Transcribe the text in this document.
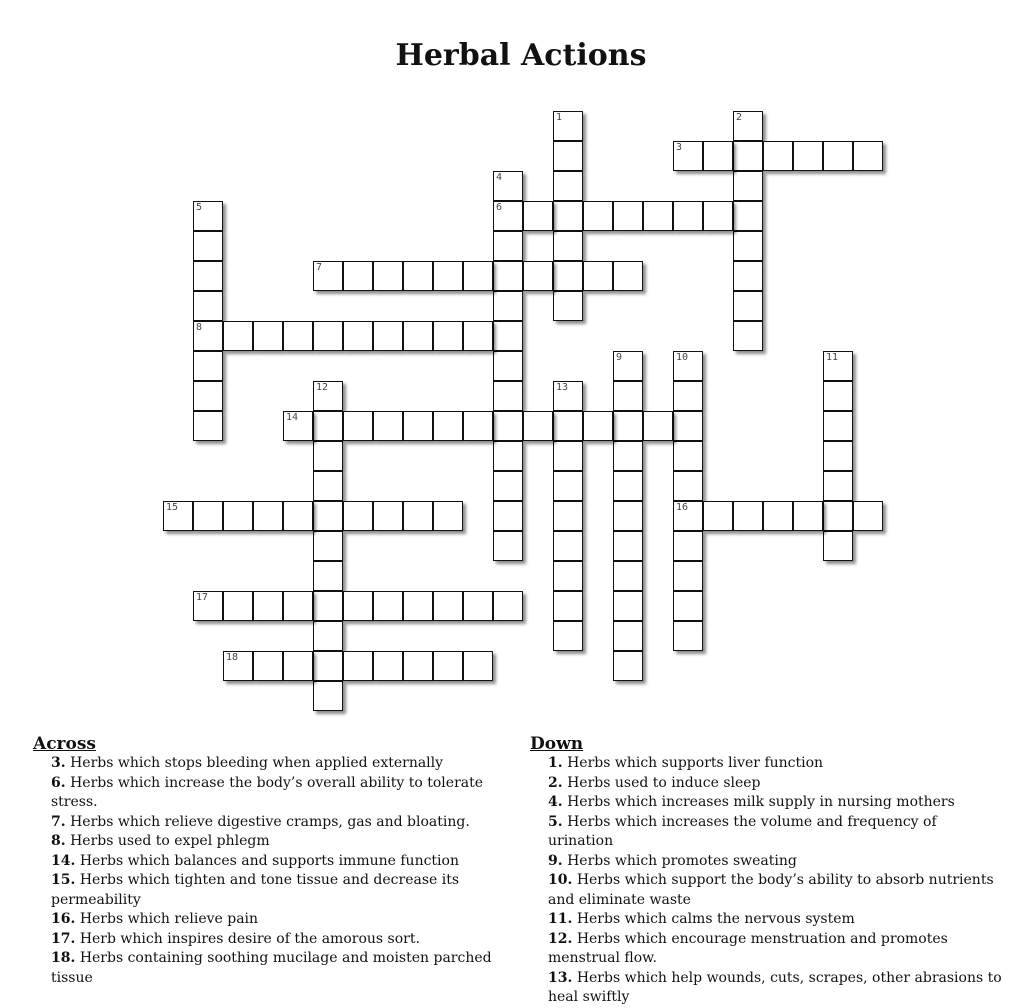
Herbal Actions
1	2
3
4
6
5
8
7
9	10
16
11
12	13
14
15
17
18
Across
3. Herbs which stops bleeding when applied externally
6. Herbs which increase the body’s overall ability to tolerate stress.
7. Herbs which relieve digestive cramps, gas and bloating.
8. Herbs used to expel phlegm
14. Herbs which balances and supports immune function
15. Herbs which tighten and tone tissue and decrease its permeability
16. Herbs which relieve pain
17. Herb which inspires desire of the amorous sort.
18. Herbs containing soothing mucilage and moisten parched tissue
Down
1. Herbs which supports liver function
2. Herbs used to induce sleep
4. Herbs which increases milk supply in nursing mothers
5. Herbs which increases the volume and frequency of urination
9. Herbs which promotes sweating
10. Herbs which support the body’s ability to absorb nutrients and eliminate waste
11. Herbs which calms the nervous system
12. Herbs which encourage menstruation and promotes menstrual flow.
13. Herbs which help wounds, cuts, scrapes, other abrasions to heal swiftly
